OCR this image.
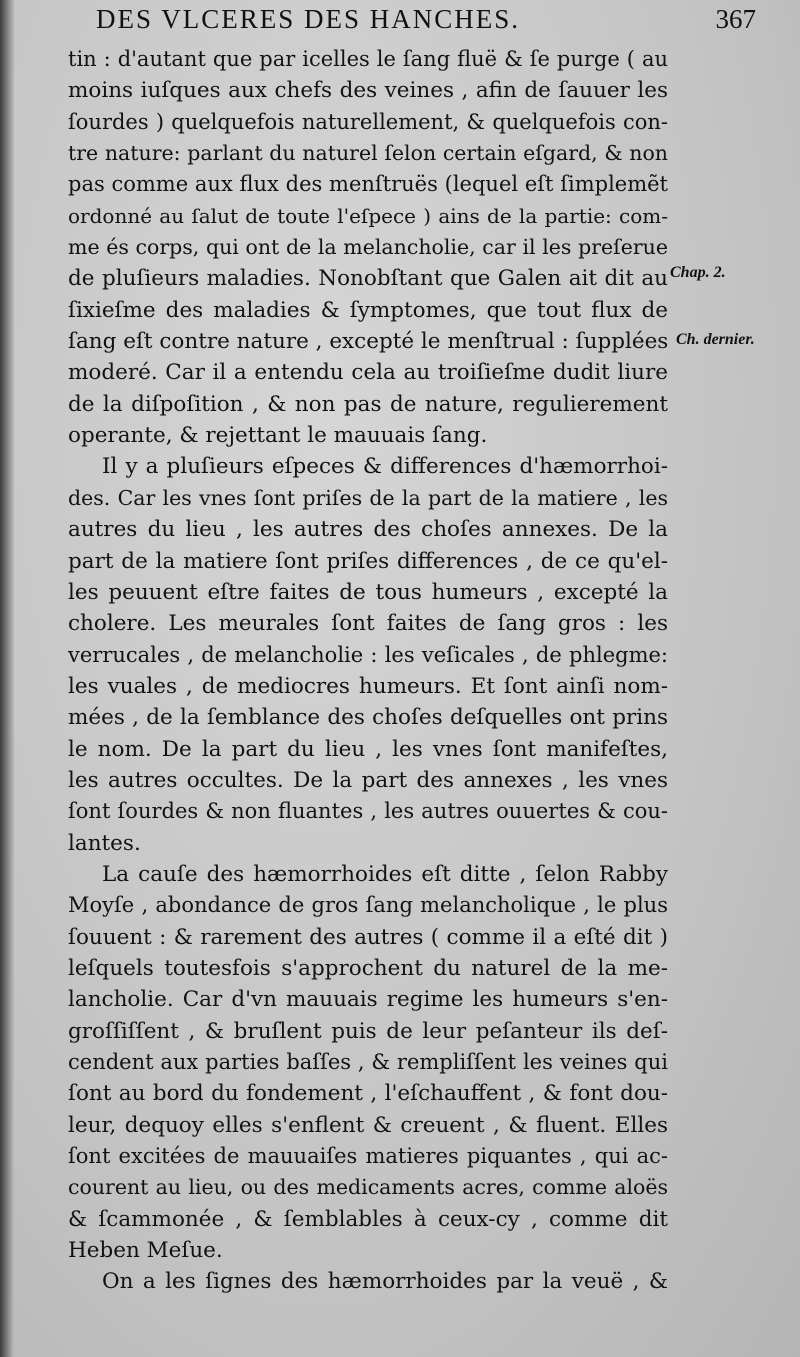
DES VLCERES DES HANCHES.	367
tin : d'autant que par icelles le ſang fluë & ſe purge ( au
moins iuſques aux chefs des veines , afin de ſauuer les
ſourdes ) quelquefois naturellement, & quelquefois con-
tre nature: parlant du naturel ſelon certain eſgard, & non
pas comme aux flux des menſtruës (lequel eſt ſimplemẽt
ordonné au ſalut de toute l'eſpece ) ains de la partie: com-
me és corps, qui ont de la melancholie, car il les preſerue
de pluſieurs maladies. Nonobſtant que Galen ait dit au
ſixieſme des maladies & ſymptomes, que tout flux de
ſang eſt contre nature , excepté le menſtrual : ſupplées
moderé. Car il a entendu cela au troiſieſme dudit liure
de la diſpoſition , & non pas de nature, regulierement
operante, & rejettant le mauuais ſang.
Il y a pluſieurs eſpeces & differences d'hæmorrhoi-
des. Car les vnes ſont priſes de la part de la matiere , les
autres du lieu , les autres des choſes annexes. De la
part de la matiere ſont priſes differences , de ce qu'el-
les peuuent eſtre faites de tous humeurs , excepté la
cholere. Les meurales ſont faites de ſang gros : les
verrucales , de melancholie : les veſicales , de phlegme:
les vuales , de mediocres humeurs. Et ſont ainſi nom-
mées , de la ſemblance des choſes deſquelles ont prins
le nom. De la part du lieu , les vnes ſont manifeſtes,
les autres occultes. De la part des annexes , les vnes
ſont ſourdes & non fluantes , les autres ouuertes & cou-
lantes.
La cauſe des hæmorrhoides eſt ditte , ſelon Rabby
Moyſe , abondance de gros ſang melancholique , le plus
ſouuent : & rarement des autres ( comme il a eſté dit )
leſquels toutesfois s'approchent du naturel de la me-
lancholie. Car d'vn mauuais regime les humeurs s'en-
groſſiſſent , & bruſlent puis de leur peſanteur ils deſ-
cendent aux parties baſſes , & rempliſſent les veines qui
ſont au bord du fondement , l'eſchauffent , & font dou-
leur, dequoy elles s'enflent & creuent , & fluent. Elles
ſont excitées de mauuaiſes matieres piquantes , qui ac-
courent au lieu, ou des medicaments acres, comme aloës
& ſcammonée , & ſemblables à ceux-cy , comme dit
Heben Meſue.
On a les ſignes des hæmorrhoides par la veuë , &
Chap. 2.
Ch. dernier.
